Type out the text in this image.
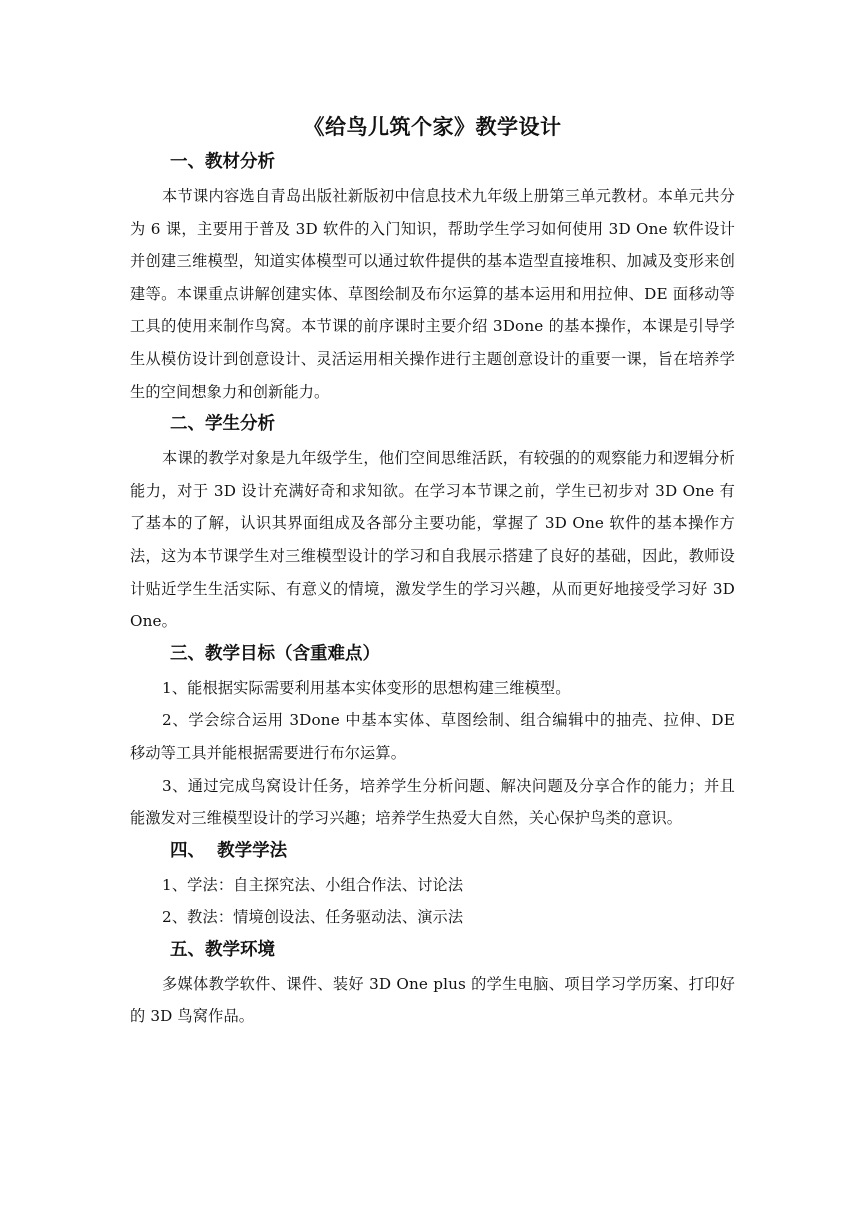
《给鸟儿筑个家》教学设计
一、教材分析

本节课内容选自青岛出版社新版初中信息技术九年级上册第三单元教材。本单元共分为 6 课，主要用于普及 3D 软件的入门知识，帮助学生学习如何使用 3D One 软件设计并创建三维模型，知道实体模型可以通过软件提供的基本造型直接堆积、加减及变形来创建等。本课重点讲解创建实体、草图绘制及布尔运算的基本运用和用拉伸、DE 面移动等工具的使用来制作鸟窝。本节课的前序课时主要介绍 3Done 的基本操作，本课是引导学生从模仿设计到创意设计、灵活运用相关操作进行主题创意设计的重要一课，旨在培养学生的空间想象力和创新能力。

二、学生分析

本课的教学对象是九年级学生，他们空间思维活跃，有较强的的观察能力和逻辑分析能力，对于 3D 设计充满好奇和求知欲。在学习本节课之前，学生已初步对 3D One 有了基本的了解，认识其界面组成及各部分主要功能，掌握了 3D One 软件的基本操作方法，这为本节课学生对三维模型设计的学习和自我展示搭建了良好的基础，因此，教师设计贴近学生生活实际、有意义的情境，激发学生的学习兴趣，从而更好地接受学习好 3D One。

三、教学目标（含重难点）

1、能根据实际需要利用基本实体变形的思想构建三维模型。

2、学会综合运用 3Done 中基本实体、草图绘制、组合编辑中的抽壳、拉伸、DE 移动等工具并能根据需要进行布尔运算。

3、通过完成鸟窝设计任务，培养学生分析问题、解决问题及分享合作的能力；并且能激发对三维模型设计的学习兴趣；培养学生热爱大自然，关心保护鸟类的意识。

四、  教学学法

1、学法：自主探究法、小组合作法、讨论法

2、教法：情境创设法、任务驱动法、演示法

五、教学环境

多媒体教学软件、课件、装好 3D One plus 的学生电脑、项目学习学历案、打印好的 3D 鸟窝作品。
